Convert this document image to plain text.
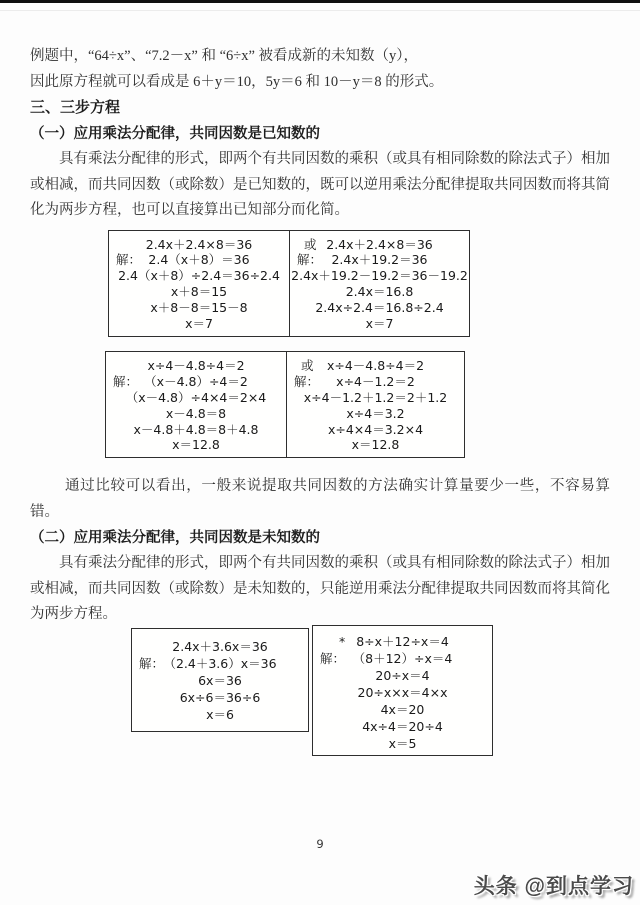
例题中，“64÷x”、“7.2－x” 和 “6÷x” 被看成新的未知数（y），
因此原方程就可以看成是 6＋y＝10，5y＝6 和 10－y＝8 的形式。

三、三步方程
（一）应用乘法分配律，共同因数是已知数的

具有乘法分配律的形式，即两个有共同因数的乘积（或具有相同除数的除法式子）相加或相减，而共同因数（或除数）是已知数的，既可以逆用乘法分配律提取共同因数而将其简化为两步方程，也可以直接算出已知部分而化简。

2.4x＋2.4×8＝36
解： 2.4（x＋8）＝36
2.4（x＋8）÷2.4＝36÷2.4
x＋8＝15
x＋8－8＝15－8
x＝7
或 2.4x＋2.4×8＝36
解： 2.4x＋19.2＝36
2.4x＋19.2－19.2＝36－19.2
2.4x＝16.8
2.4x÷2.4＝16.8÷2.4
x＝7
x÷4－4.8÷4＝2
解： （x－4.8）÷4＝2
（x－4.8）÷4×4＝2×4
x－4.8＝8
x－4.8＋4.8＝8＋4.8
x＝12.8
或 x÷4－4.8÷4＝2
解： x÷4－1.2＝2
x÷4－1.2＋1.2＝2＋1.2
x÷4＝3.2
x÷4×4＝3.2×4
x＝12.8

通过比较可以看出，一般来说提取共同因数的方法确实计算量要少一些，不容易算错。

（二）应用乘法分配律，共同因数是未知数的

具有乘法分配律的形式，即两个有共同因数的乘积（或具有相同除数的除法式子）相加或相减，而共同因数（或除数）是未知数的，只能逆用乘法分配律提取共同因数而将其简化为两步方程。

2.4x＋3.6x＝36
解： （2.4＋3.6）x＝36
6x＝36
6x÷6＝36÷6
x＝6
* 8÷x＋12÷x＝4
解： （8＋12）÷x＝4
20÷x＝4
20÷x×x＝4×x
4x＝20
4x÷4＝20÷4
x＝5
9
头条 @到点学习
